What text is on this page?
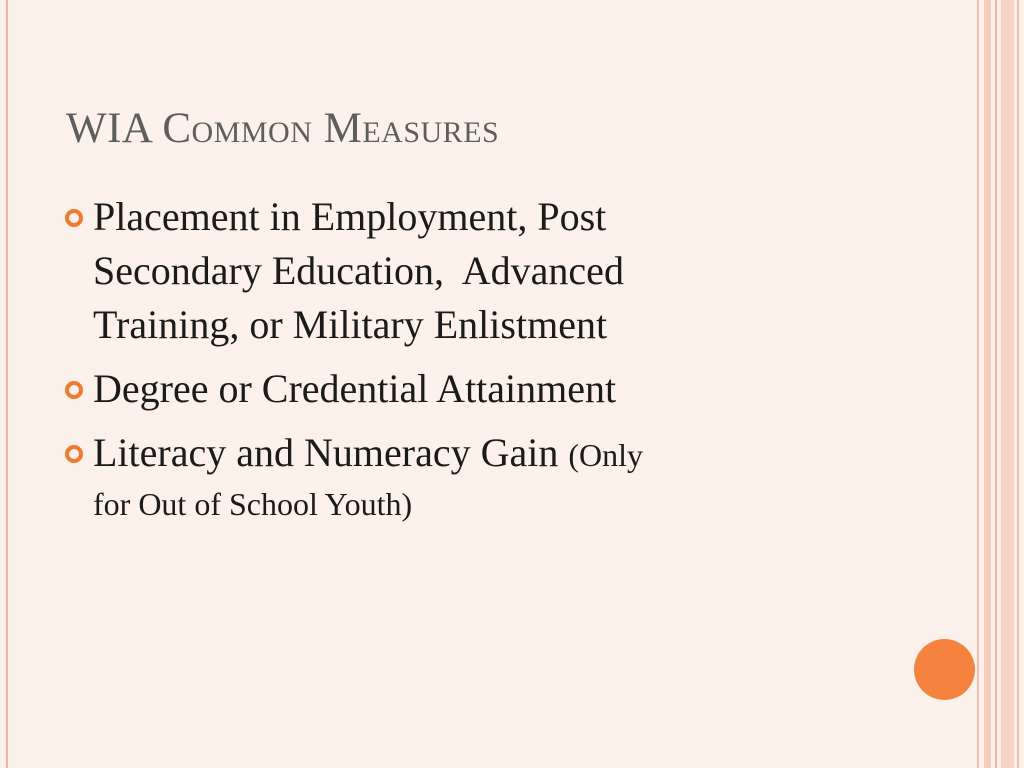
WIA Common Measures
Placement in Employment, Post
Secondary Education,  Advanced
Training, or Military Enlistment
Degree or Credential Attainment
Literacy and Numeracy Gain (Only
for Out of School Youth)
